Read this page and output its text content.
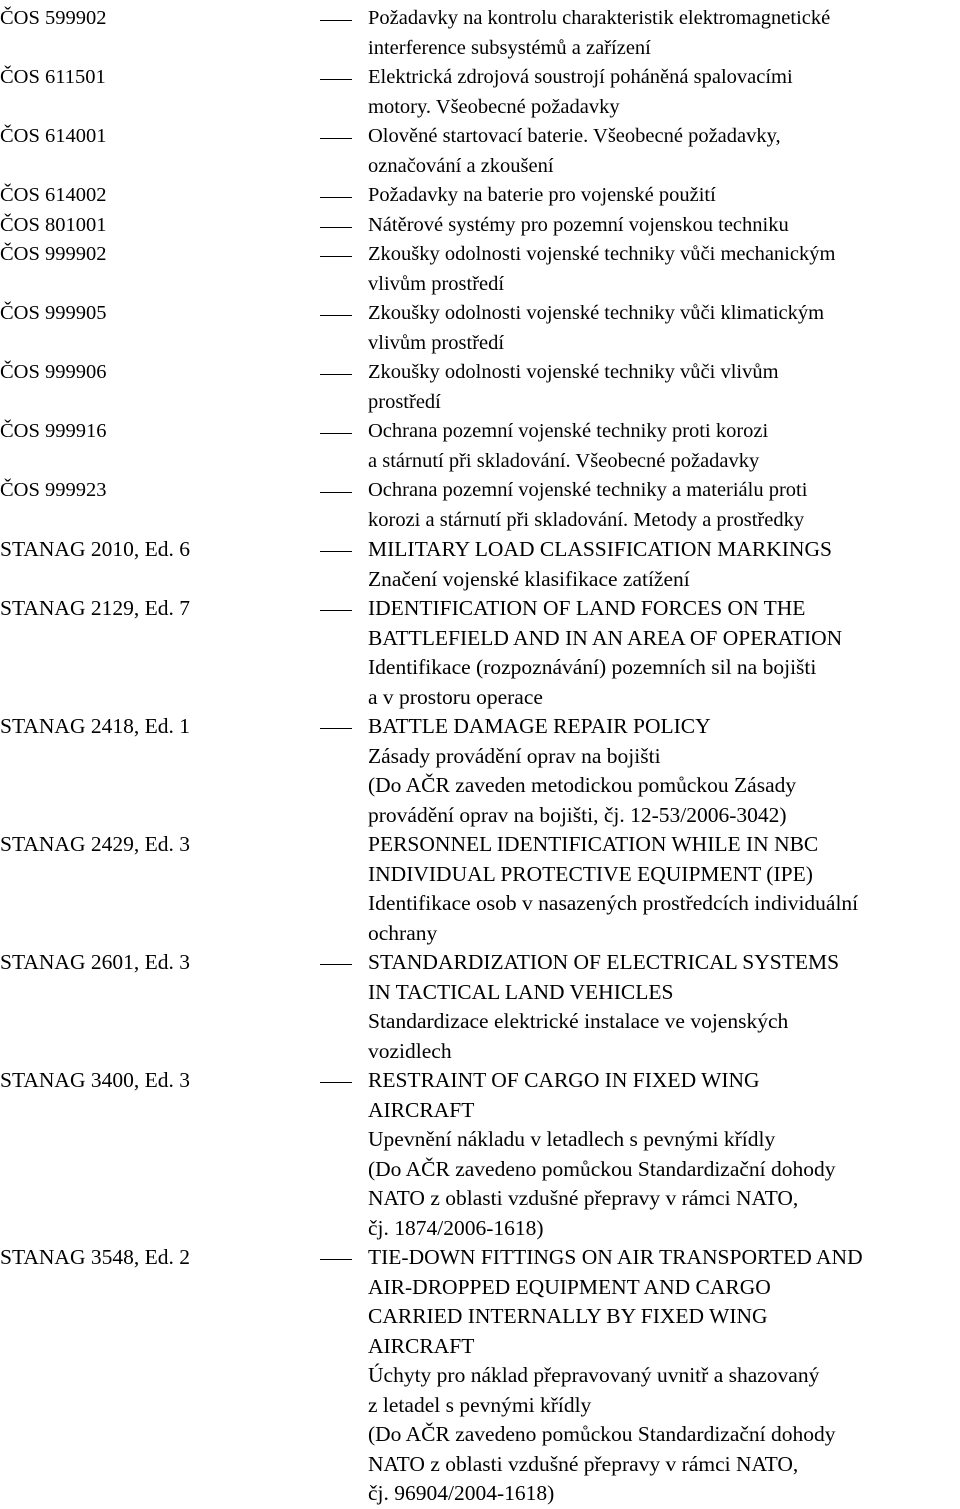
ČOS 599902	Požadavky na kontrolu charakteristik elektromagnetické
interference subsystémů a zařízení
ČOS 611501	Elektrická zdrojová soustrojí poháněná spalovacími
motory. Všeobecné požadavky
ČOS 614001	Olověné startovací baterie. Všeobecné požadavky,
označování a zkoušení
ČOS 614002	Požadavky na baterie pro vojenské použití
ČOS 801001	Nátěrové systémy pro pozemní vojenskou techniku
ČOS 999902	Zkoušky odolnosti vojenské techniky vůči mechanickým
vlivům prostředí
ČOS 999905	Zkoušky odolnosti vojenské techniky vůči klimatickým
vlivům prostředí
ČOS 999906	Zkoušky odolnosti vojenské techniky vůči vlivům
prostředí
ČOS 999916	Ochrana pozemní vojenské techniky proti korozi
a stárnutí při skladování. Všeobecné požadavky
ČOS 999923	Ochrana pozemní vojenské techniky a materiálu proti
korozi a stárnutí při skladování. Metody a prostředky
STANAG 2010, Ed. 6	MILITARY LOAD CLASSIFICATION MARKINGS
Značení vojenské klasifikace zatížení
STANAG 2129, Ed. 7	IDENTIFICATION OF LAND FORCES ON THE
BATTLEFIELD AND IN AN AREA OF OPERATION
Identifikace (rozpoznávání) pozemních sil na bojišti
a v prostoru operace
STANAG 2418, Ed. 1	BATTLE DAMAGE REPAIR POLICY
Zásady provádění oprav na bojišti
(Do AČR zaveden metodickou pomůckou Zásady
provádění oprav na bojišti, čj. 12-53/2006-3042)
STANAG 2429, Ed. 3	PERSONNEL IDENTIFICATION WHILE IN NBC
INDIVIDUAL PROTECTIVE EQUIPMENT (IPE)
Identifikace osob v nasazených prostředcích individuální
ochrany
STANAG 2601, Ed. 3	STANDARDIZATION OF ELECTRICAL SYSTEMS
IN TACTICAL LAND VEHICLES
Standardizace elektrické instalace ve vojenských
vozidlech
STANAG 3400, Ed. 3	RESTRAINT OF CARGO IN FIXED WING
AIRCRAFT
Upevnění nákladu v letadlech s pevnými křídly
(Do AČR zavedeno pomůckou Standardizační dohody
NATO z oblasti vzdušné přepravy v rámci NATO,
čj. 1874/2006-1618)
STANAG 3548, Ed. 2	TIE-DOWN FITTINGS ON AIR TRANSPORTED AND
AIR-DROPPED EQUIPMENT AND CARGO
CARRIED INTERNALLY BY FIXED WING
AIRCRAFT
Úchyty pro náklad přepravovaný uvnitř a shazovaný
z letadel s pevnými křídly
(Do AČR zavedeno pomůckou Standardizační dohody
NATO z oblasti vzdušné přepravy v rámci NATO,
čj. 96904/2004-1618)
